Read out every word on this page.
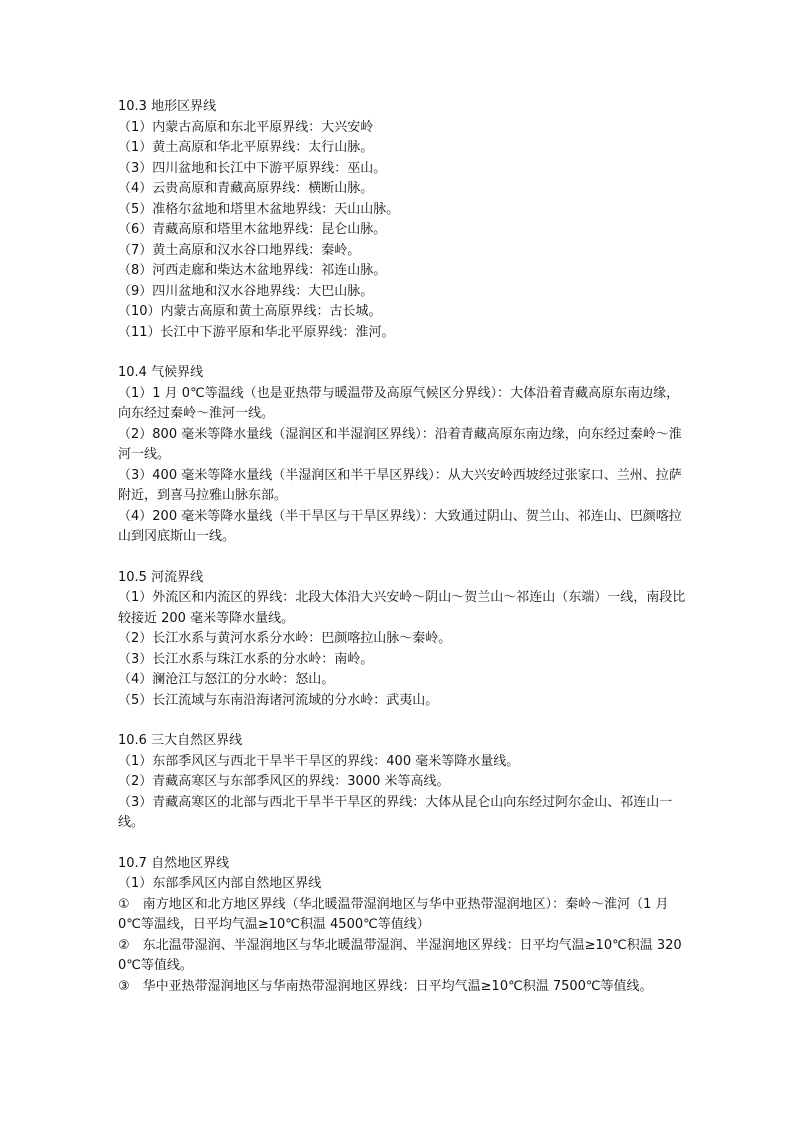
10.3 地形区界线

（1）内蒙古高原和东北平原界线：大兴安岭

（1）黄土高原和华北平原界线：太行山脉。

（3）四川盆地和长江中下游平原界线：巫山。

（4）云贵高原和青藏高原界线：横断山脉。

（5）准格尔盆地和塔里木盆地界线：天山山脉。

（6）青藏高原和塔里木盆地界线：昆仑山脉。

（7）黄土高原和汉水谷口地界线：秦岭。

（8）河西走廊和柴达木盆地界线：祁连山脉。

（9）四川盆地和汉水谷地界线：大巴山脉。

（10）内蒙古高原和黄土高原界线：古长城。

（11）长江中下游平原和华北平原界线：淮河。

10.4 气候界线

（1）1 月 0℃等温线（也是亚热带与暖温带及高原气候区分界线）：大体沿着青藏高原东南边缘，向东经过秦岭～淮河一线。

（2）800 毫米等降水量线（湿润区和半湿润区界线）：沿着青藏高原东南边缘，向东经过秦岭～淮河一线。

（3）400 毫米等降水量线（半湿润区和半干旱区界线）：从大兴安岭西坡经过张家口、兰州、拉萨附近，到喜马拉雅山脉东部。

（4）200 毫米等降水量线（半干旱区与干旱区界线）：大致通过阴山、贺兰山、祁连山、巴颜喀拉山到冈底斯山一线。

10.5 河流界线

（1）外流区和内流区的界线：北段大体沿大兴安岭～阴山～贺兰山～祁连山（东端）一线，南段比较接近 200 毫米等降水量线。

（2）长江水系与黄河水系分水岭：巴颜喀拉山脉～秦岭。

（3）长江水系与珠江水系的分水岭：南岭。

（4）澜沧江与怒江的分水岭：怒山。

（5）长江流域与东南沿海诸河流域的分水岭：武夷山。

10.6 三大自然区界线

（1）东部季风区与西北干旱半干旱区的界线：400 毫米等降水量线。

（2）青藏高寒区与东部季风区的界线：3000 米等高线。

（3）青藏高寒区的北部与西北干旱半干旱区的界线：大体从昆仑山向东经过阿尔金山、祁连山一线。

10.7 自然地区界线

（1）东部季风区内部自然地区界线

①　南方地区和北方地区界线（华北暖温带湿润地区与华中亚热带湿润地区）：秦岭～淮河（1 月 0℃等温线，日平均气温≥10℃积温 4500℃等值线）

②　东北温带湿润、半湿润地区与华北暖温带湿润、半湿润地区界线：日平均气温≥10℃积温 3200℃等值线。

③　华中亚热带湿润地区与华南热带湿润地区界线：日平均气温≥10℃积温 7500℃等值线。
